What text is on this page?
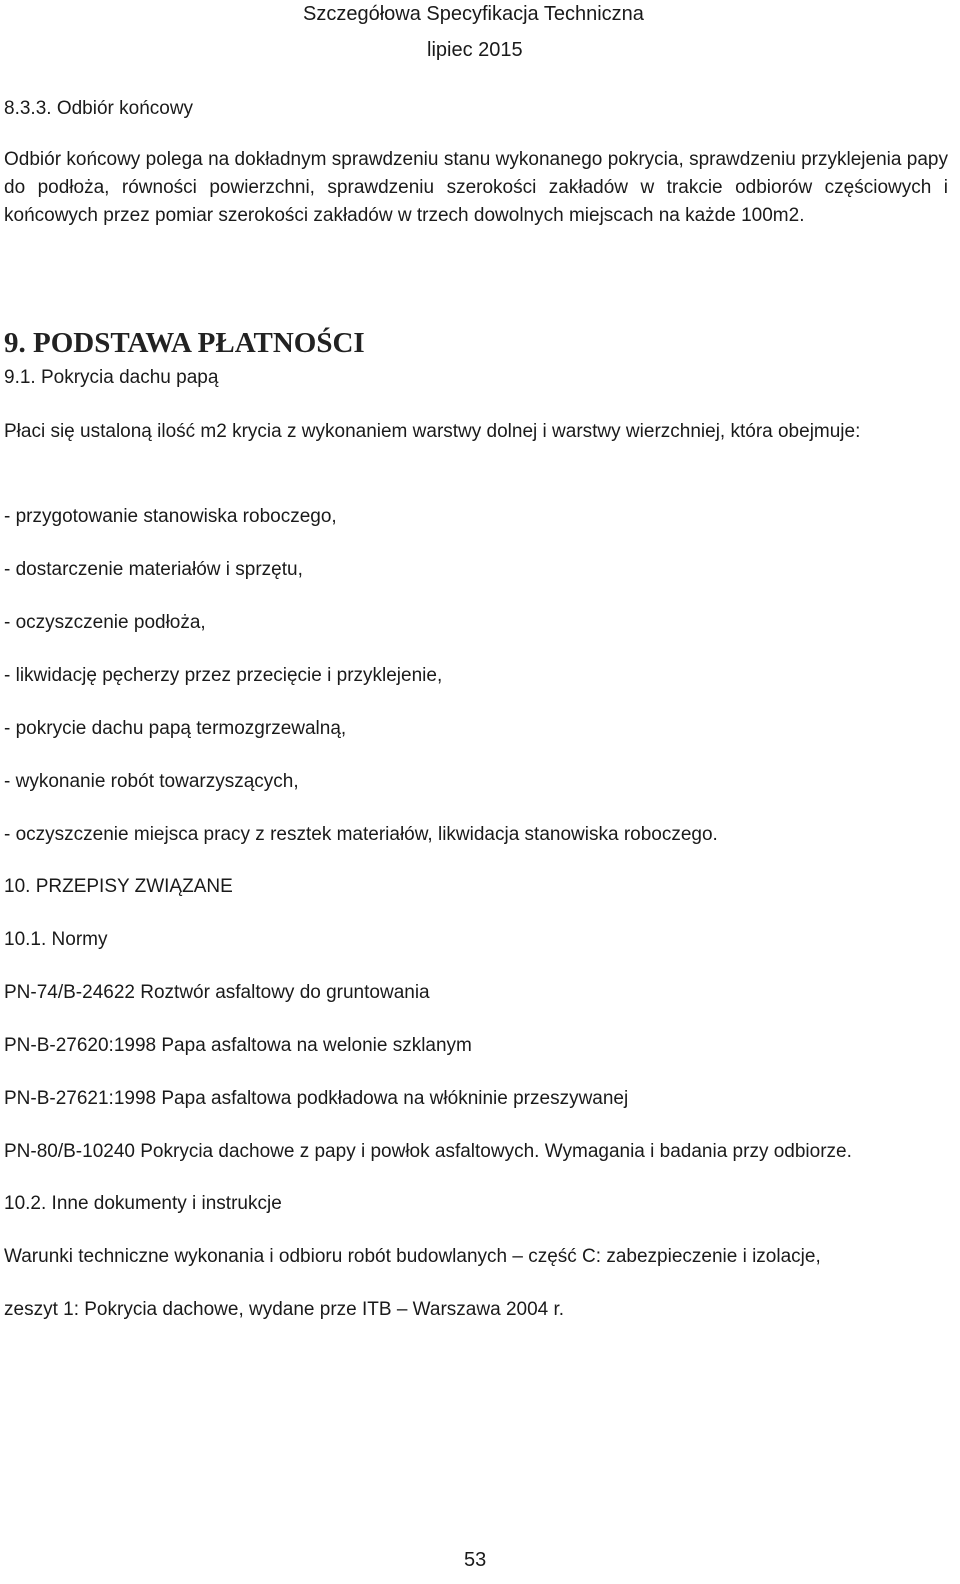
Szczegółowa Specyfikacja Techniczna
lipiec 2015
8.3.3. Odbiór końcowy
Odbiór końcowy polega na dokładnym sprawdzeniu stanu wykonanego pokrycia, sprawdzeniu przyklejenia papy do podłoża, równości powierzchni, sprawdzeniu szerokości zakładów w trakcie odbiorów częściowych i końcowych przez pomiar szerokości zakładów w trzech dowolnych miejscach na każde 100m2.
9. PODSTAWA PŁATNOŚCI
9.1. Pokrycia dachu papą
Płaci się ustaloną ilość m2 krycia z wykonaniem warstwy dolnej i warstwy wierzchniej, która obejmuje:
- przygotowanie stanowiska roboczego,
- dostarczenie materiałów i sprzętu,
- oczyszczenie podłoża,
- likwidację pęcherzy przez przecięcie i przyklejenie,
- pokrycie dachu papą termozgrzewalną,
- wykonanie robót towarzyszących,
- oczyszczenie miejsca pracy z resztek materiałów, likwidacja stanowiska roboczego.
10. PRZEPISY ZWIĄZANE
10.1. Normy
PN-74/B-24622 Roztwór asfaltowy do gruntowania
PN-B-27620:1998 Papa asfaltowa na welonie szklanym
PN-B-27621:1998 Papa asfaltowa podkładowa na włókninie przeszywanej
PN-80/B-10240 Pokrycia dachowe z papy i powłok asfaltowych. Wymagania i badania przy odbiorze.
10.2. Inne dokumenty i instrukcje
Warunki techniczne wykonania i odbioru robót budowlanych – część C: zabezpieczenie i izolacje,
zeszyt 1: Pokrycia dachowe, wydane prze ITB – Warszawa 2004 r.
53
